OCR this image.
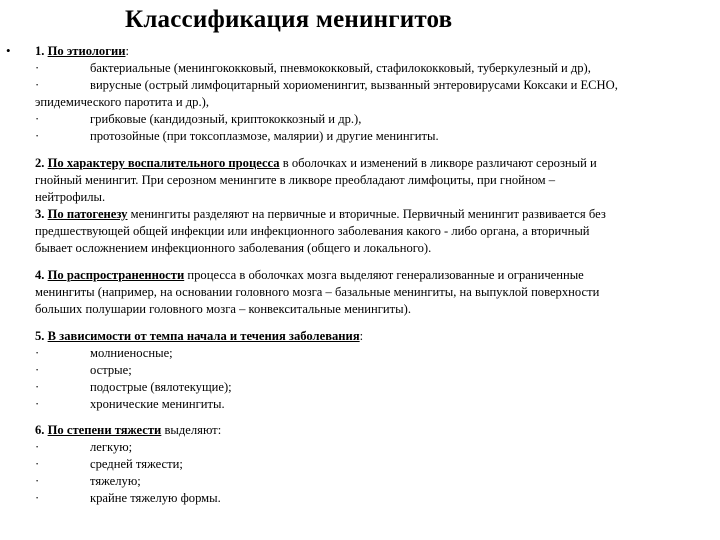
Классификация менингитов
• 1. По этиологии:
·	бактериальные (менингококковый, пневмококковый, стафилококковый, туберкулезный и др),
·	вирусные (острый лимфоцитарный хориоменингит, вызванный энтеровирусами Коксаки и ЕСНО,
эпидемического паротита и др.),
·	грибковые (кандидозный, криптококкозный и др.),
·	протозойные (при токсоплазмозе, малярии) и другие менингиты.
2. По характеру воспалительного процесса в оболочках и изменений в ликворе различают серозный и
гнойный менингит. При серозном менингите в ликворе преобладают лимфоциты, при гнойном –
нейтрофилы.
3. По патогенезу менингиты разделяют на первичные и вторичные. Первичный менингит развивается без
предшествующей общей инфекции или инфекционного заболевания какого - либо органа, а вторичный
бывает осложнением инфекционного заболевания (общего и локального).
4. По распространенности процесса в оболочках мозга выделяют генерализованные и ограниченные
менингиты (например, на основании головного мозга – базальные менингиты, на выпуклой поверхности
больших полушарии головного мозга – конвекситальные менингиты).
5. В зависимости от темпа начала и течения заболевания:
·	молниеносные;
·	острые;
·	подострые (вялотекущие);
·	хронические менингиты.
6. По степени тяжести выделяют:
·	легкую;
·	средней тяжести;
·	тяжелую;
·	крайне тяжелую формы.
